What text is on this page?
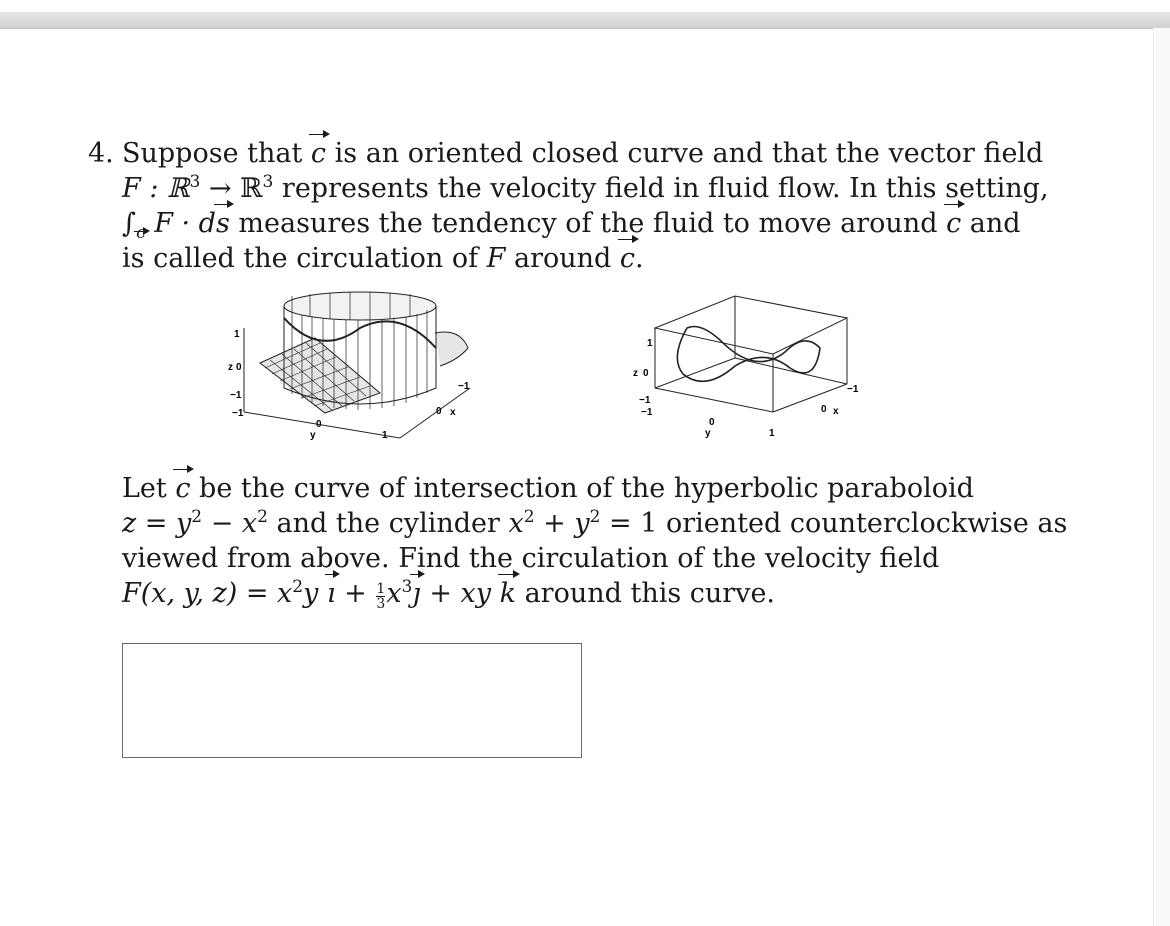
4. Suppose that c is an oriented closed curve and that the vector field
F : ℝ$^3$ → ℝ$^3$ represents the velocity field in fluid flow. In this setting,
$\int_c$ F · ds measures the tendency of the fluid to move around c and
is called the circulation of F around c.
Let c be the curve of intersection of the hyperbolic paraboloid
$z = y^2 - x^2$ and the cylinder $x^2 + y^2 = 1$ oriented counterclockwise as
viewed from above. Find the circulation of the velocity field
F(x, y, $z) = x^2y$ ı + $\frac{1}{3}$ $x^3ȷ$ + xy k around this curve.
1
z 0
−1
−1
0
y	1
0 x
−1
1
z 0
−1
−1
0
y	1
0 x
−1
